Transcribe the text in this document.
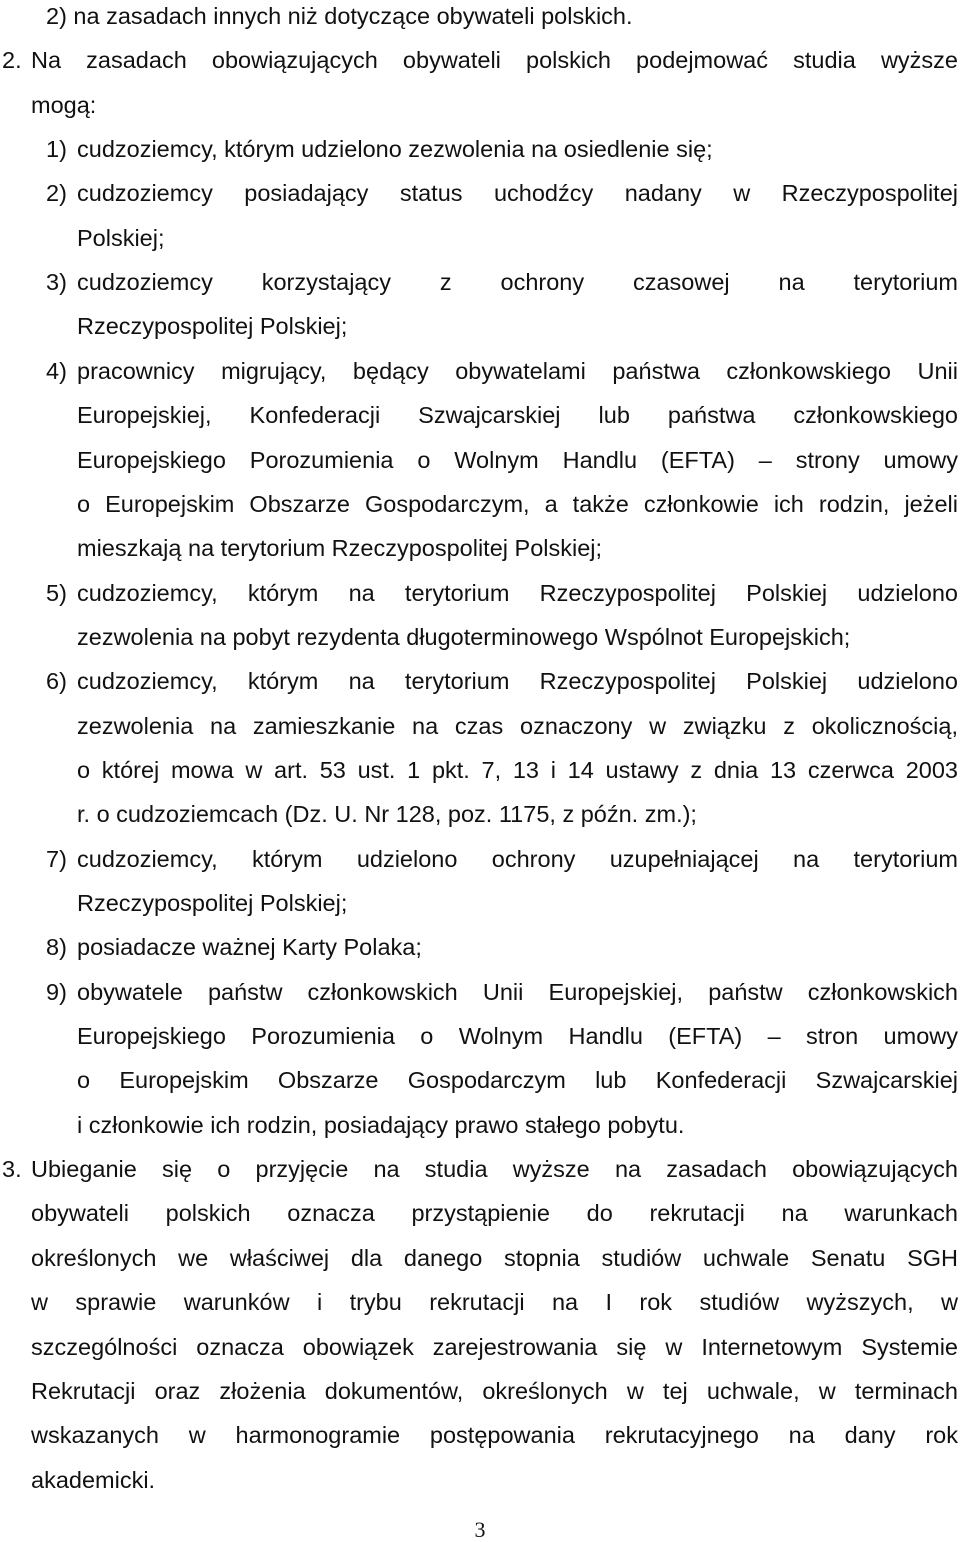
2) na zasadach innych niż dotyczące obywateli polskich.
2. Na zasadach obowiązujących obywateli polskich podejmować studia wyższe
mogą:
1) cudzoziemcy, którym udzielono zezwolenia na osiedlenie się;
2) cudzoziemcy posiadający status uchodźcy nadany w Rzeczypospolitej
Polskiej;
3) cudzoziemcy korzystający z ochrony czasowej na terytorium
Rzeczypospolitej Polskiej;
4) pracownicy migrujący, będący obywatelami państwa członkowskiego Unii
Europejskiej, Konfederacji Szwajcarskiej lub państwa członkowskiego
Europejskiego Porozumienia o Wolnym Handlu (EFTA) – strony umowy
o Europejskim Obszarze Gospodarczym, a także członkowie ich rodzin, jeżeli
mieszkają na terytorium Rzeczypospolitej Polskiej;
5) cudzoziemcy, którym na terytorium Rzeczypospolitej Polskiej udzielono
zezwolenia na pobyt rezydenta długoterminowego Wspólnot Europejskich;
6) cudzoziemcy, którym na terytorium Rzeczypospolitej Polskiej udzielono
zezwolenia na zamieszkanie na czas oznaczony w związku z okolicznością,
o której mowa w art. 53 ust. 1 pkt. 7, 13 i 14 ustawy z dnia 13 czerwca 2003
r. o cudzoziemcach (Dz. U. Nr 128, poz. 1175, z późn. zm.);
7) cudzoziemcy, którym udzielono ochrony uzupełniającej na terytorium
Rzeczypospolitej Polskiej;
8) posiadacze ważnej Karty Polaka;
9) obywatele państw członkowskich Unii Europejskiej, państw członkowskich
Europejskiego Porozumienia o Wolnym Handlu (EFTA) – stron umowy
o Europejskim Obszarze Gospodarczym lub Konfederacji Szwajcarskiej
i członkowie ich rodzin, posiadający prawo stałego pobytu.
3. Ubieganie się o przyjęcie na studia wyższe na zasadach obowiązujących
obywateli polskich oznacza przystąpienie do rekrutacji na warunkach
określonych we właściwej dla danego stopnia studiów uchwale Senatu SGH
w sprawie warunków i trybu rekrutacji na I rok studiów wyższych, w
szczególności oznacza obowiązek zarejestrowania się w Internetowym Systemie
Rekrutacji oraz złożenia dokumentów, określonych w tej uchwale, w terminach
wskazanych w harmonogramie postępowania rekrutacyjnego na dany rok
akademicki.
3
